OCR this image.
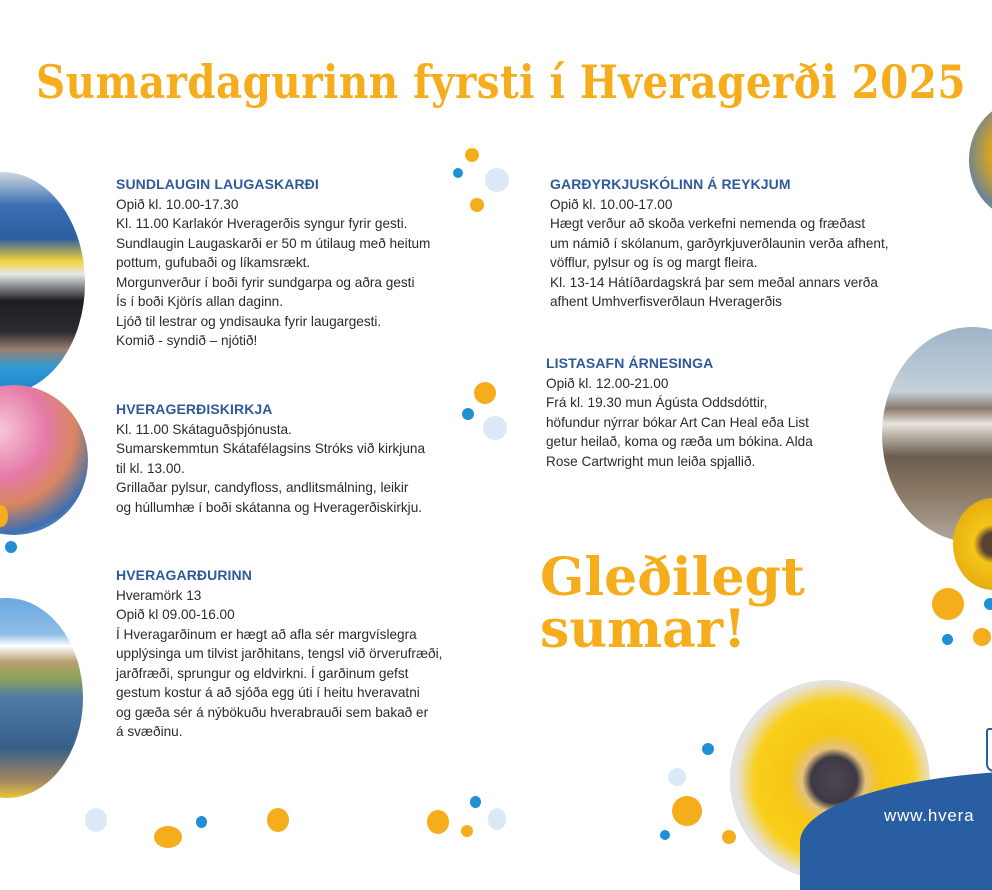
Sumardagurinn fyrsti í Hveragerði 2025
SUNDLAUGIN LAUGASKARÐI
Opið kl. 10.00-17.30
Kl. 11.00 Karlakór Hveragerðis syngur fyrir gesti.
Sundlaugin Laugaskarði er 50 m útilaug með heitum
pottum, gufubaði og líkamsrækt.
Morgunverður í boði fyrir sundgarpa og aðra gesti
Ís í boði Kjörís allan daginn.
Ljóð til lestrar og yndisauka fyrir laugargesti.
Komið - syndið – njótið!
HVERAGERÐISKIRKJA
Kl. 11.00 Skátaguðsþjónusta.
Sumarskemmtun Skátafélagsins Stróks við kirkjuna
til kl. 13.00.
Grillaðar pylsur, candyfloss, andlitsmálning, leikir
og húllumhæ í boði skátanna og Hveragerðiskirkju.
HVERAGARÐURINN
Hveramörk 13
Opið kl 09.00-16.00
Í Hveragarðinum er hægt að afla sér margvíslegra
upplýsinga um tilvist jarðhitans, tengsl við örverufræði,
jarðfræði, sprungur og eldvirkni. Í garðinum gefst
gestum kostur á að sjóða egg úti í heitu hveravatni
og gæða sér á nýbökuðu hverabrauði sem bakað er
á svæðinu.
GARÐYRKJUSKÓLINN Á REYKJUM
Opið kl. 10.00-17.00
Hægt verður að skoða verkefni nemenda og fræðast
um námið í skólanum, garðyrkjuverðlaunin verða afhent,
vöfflur, pylsur og ís og margt fleira.
Kl. 13-14 Hátíðardagskrá þar sem meðal annars verða
afhent Umhverfisverðlaun Hveragerðis
LISTASAFN ÁRNESINGA
Opið kl. 12.00-21.00
Frá kl. 19.30 mun Ágústa Oddsdóttir,
höfundur nýrrar bókar Art Can Heal eða List
getur heilað, koma og ræða um bókina. Alda
Rose Cartwright mun leiða spjallið.
Gleðilegt
sumar!
www.hvera
